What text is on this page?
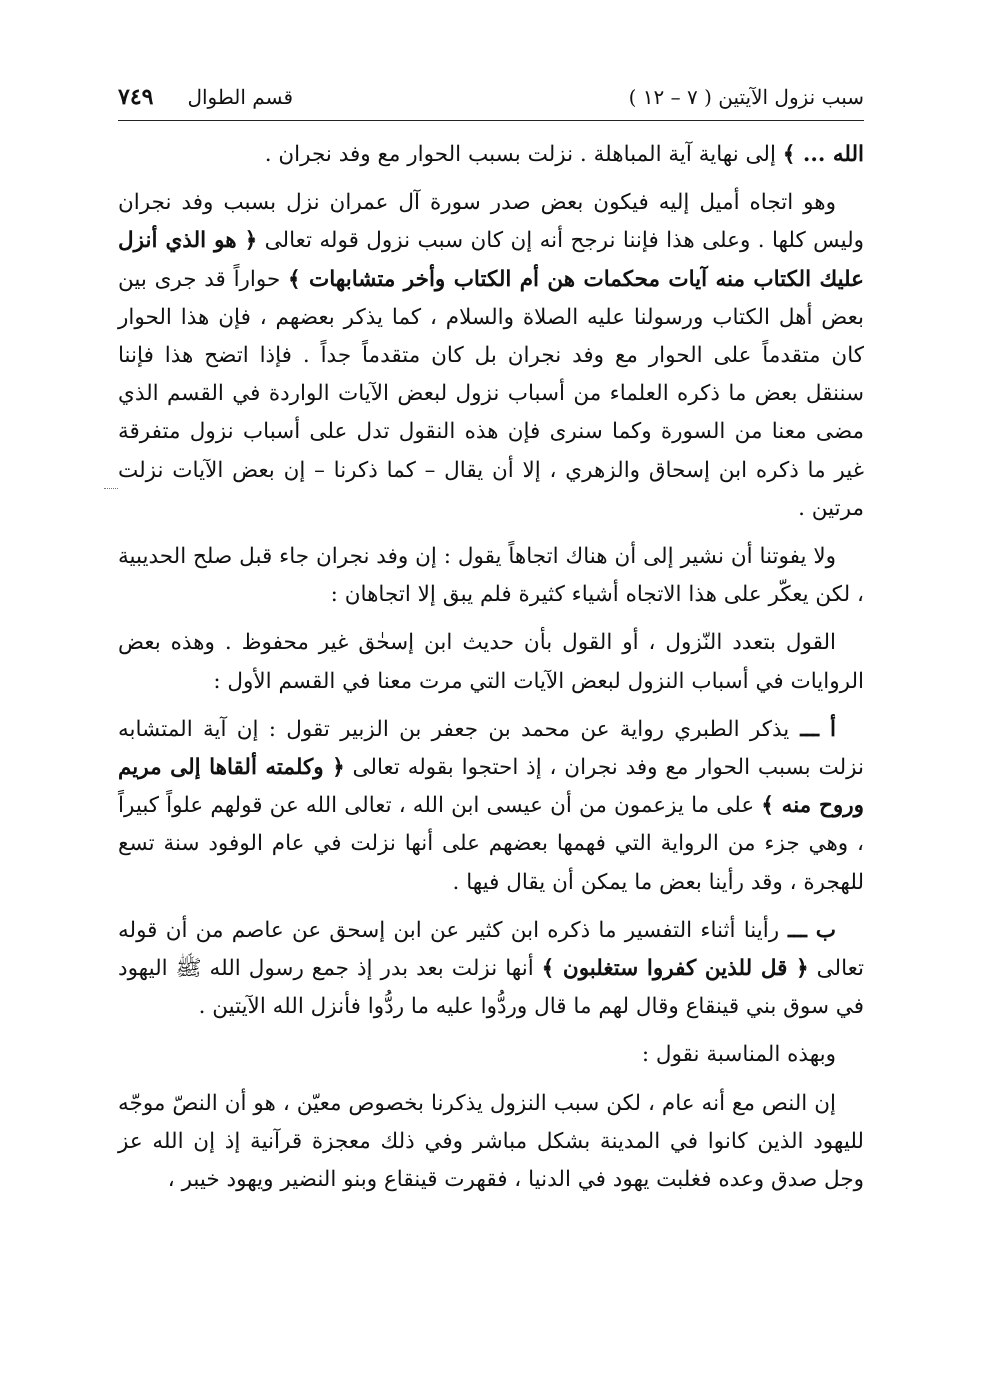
سبب نزول الآيتين ( ٧ – ١٢ )
قسم الطوال
٧٤٩

الله ... ﴾ إلى نهاية آية المباهلة . نزلت بسبب الحوار مع وفد نجران .

وهو اتجاه أميل إليه فيكون بعض صدر سورة آل عمران نزل بسبب وفد نجران وليس كلها . وعلى هذا فإننا نرجح أنه إن كان سبب نزول قوله تعالى ﴿ هو الذي أنزل عليك الكتاب منه آيات محكمات هن أم الكتاب وأخر متشابهات ﴾ حواراً قد جرى بين بعض أهل الكتاب ورسولنا عليه الصلاة والسلام ، كما يذكر بعضهم ، فإن هذا الحوار كان متقدماً على الحوار مع وفد نجران بل كان متقدماً جداً . فإذا اتضح هذا فإننا سننقل بعض ما ذكره العلماء من أسباب نزول لبعض الآيات الواردة في القسم الذي مضى معنا من السورة وكما سنرى فإن هذه النقول تدل على أسباب نزول متفرقة غير ما ذكره ابن إسحاق والزهري ، إلا أن يقال – كما ذكرنا – إن بعض الآيات نزلت مرتين .

ولا يفوتنا أن نشير إلى أن هناك اتجاهاً يقول : إن وفد نجران جاء قبل صلح الحديبية ، لكن يعكّر على هذا الاتجاه أشياء كثيرة فلم يبق إلا اتجاهان :

القول بتعدد النّزول ، أو القول بأن حديث ابن إسحٰق غير محفوظ . وهذه بعض الروايات في أسباب النزول لبعض الآيات التي مرت معنا في القسم الأول :

أ ـــ يذكر الطبري رواية عن محمد بن جعفر بن الزبير تقول : إن آية المتشابه نزلت بسبب الحوار مع وفد نجران ، إذ احتجوا بقوله تعالى ﴿ وكلمته ألقاها إلى مريم وروح منه ﴾ على ما يزعمون من أن عيسى ابن الله ، تعالى الله عن قولهم علواً كبيراً ، وهي جزء من الرواية التي فهمها بعضهم على أنها نزلت في عام الوفود سنة تسع للهجرة ، وقد رأينا بعض ما يمكن أن يقال فيها .

ب ـــ رأينا أثناء التفسير ما ذكره ابن كثير عن ابن إسحق عن عاصم من أن قوله تعالى ﴿ قل للذين كفروا ستغلبون ﴾ أنها نزلت بعد بدر إذ جمع رسول الله ﷺ اليهود في سوق بني قينقاع وقال لهم ما قال وردُّوا عليه ما ردُّوا فأنزل الله الآيتين .

وبهذه المناسبة نقول :

إن النص مع أنه عام ، لكن سبب النزول يذكرنا بخصوص معيّن ، هو أن النصّ موجّه لليهود الذين كانوا في المدينة بشكل مباشر وفي ذلك معجزة قرآنية إذ إن الله عز وجل صدق وعده فغلبت يهود في الدنيا ، فقهرت قينقاع وبنو النضير ويهود خيبر ،
